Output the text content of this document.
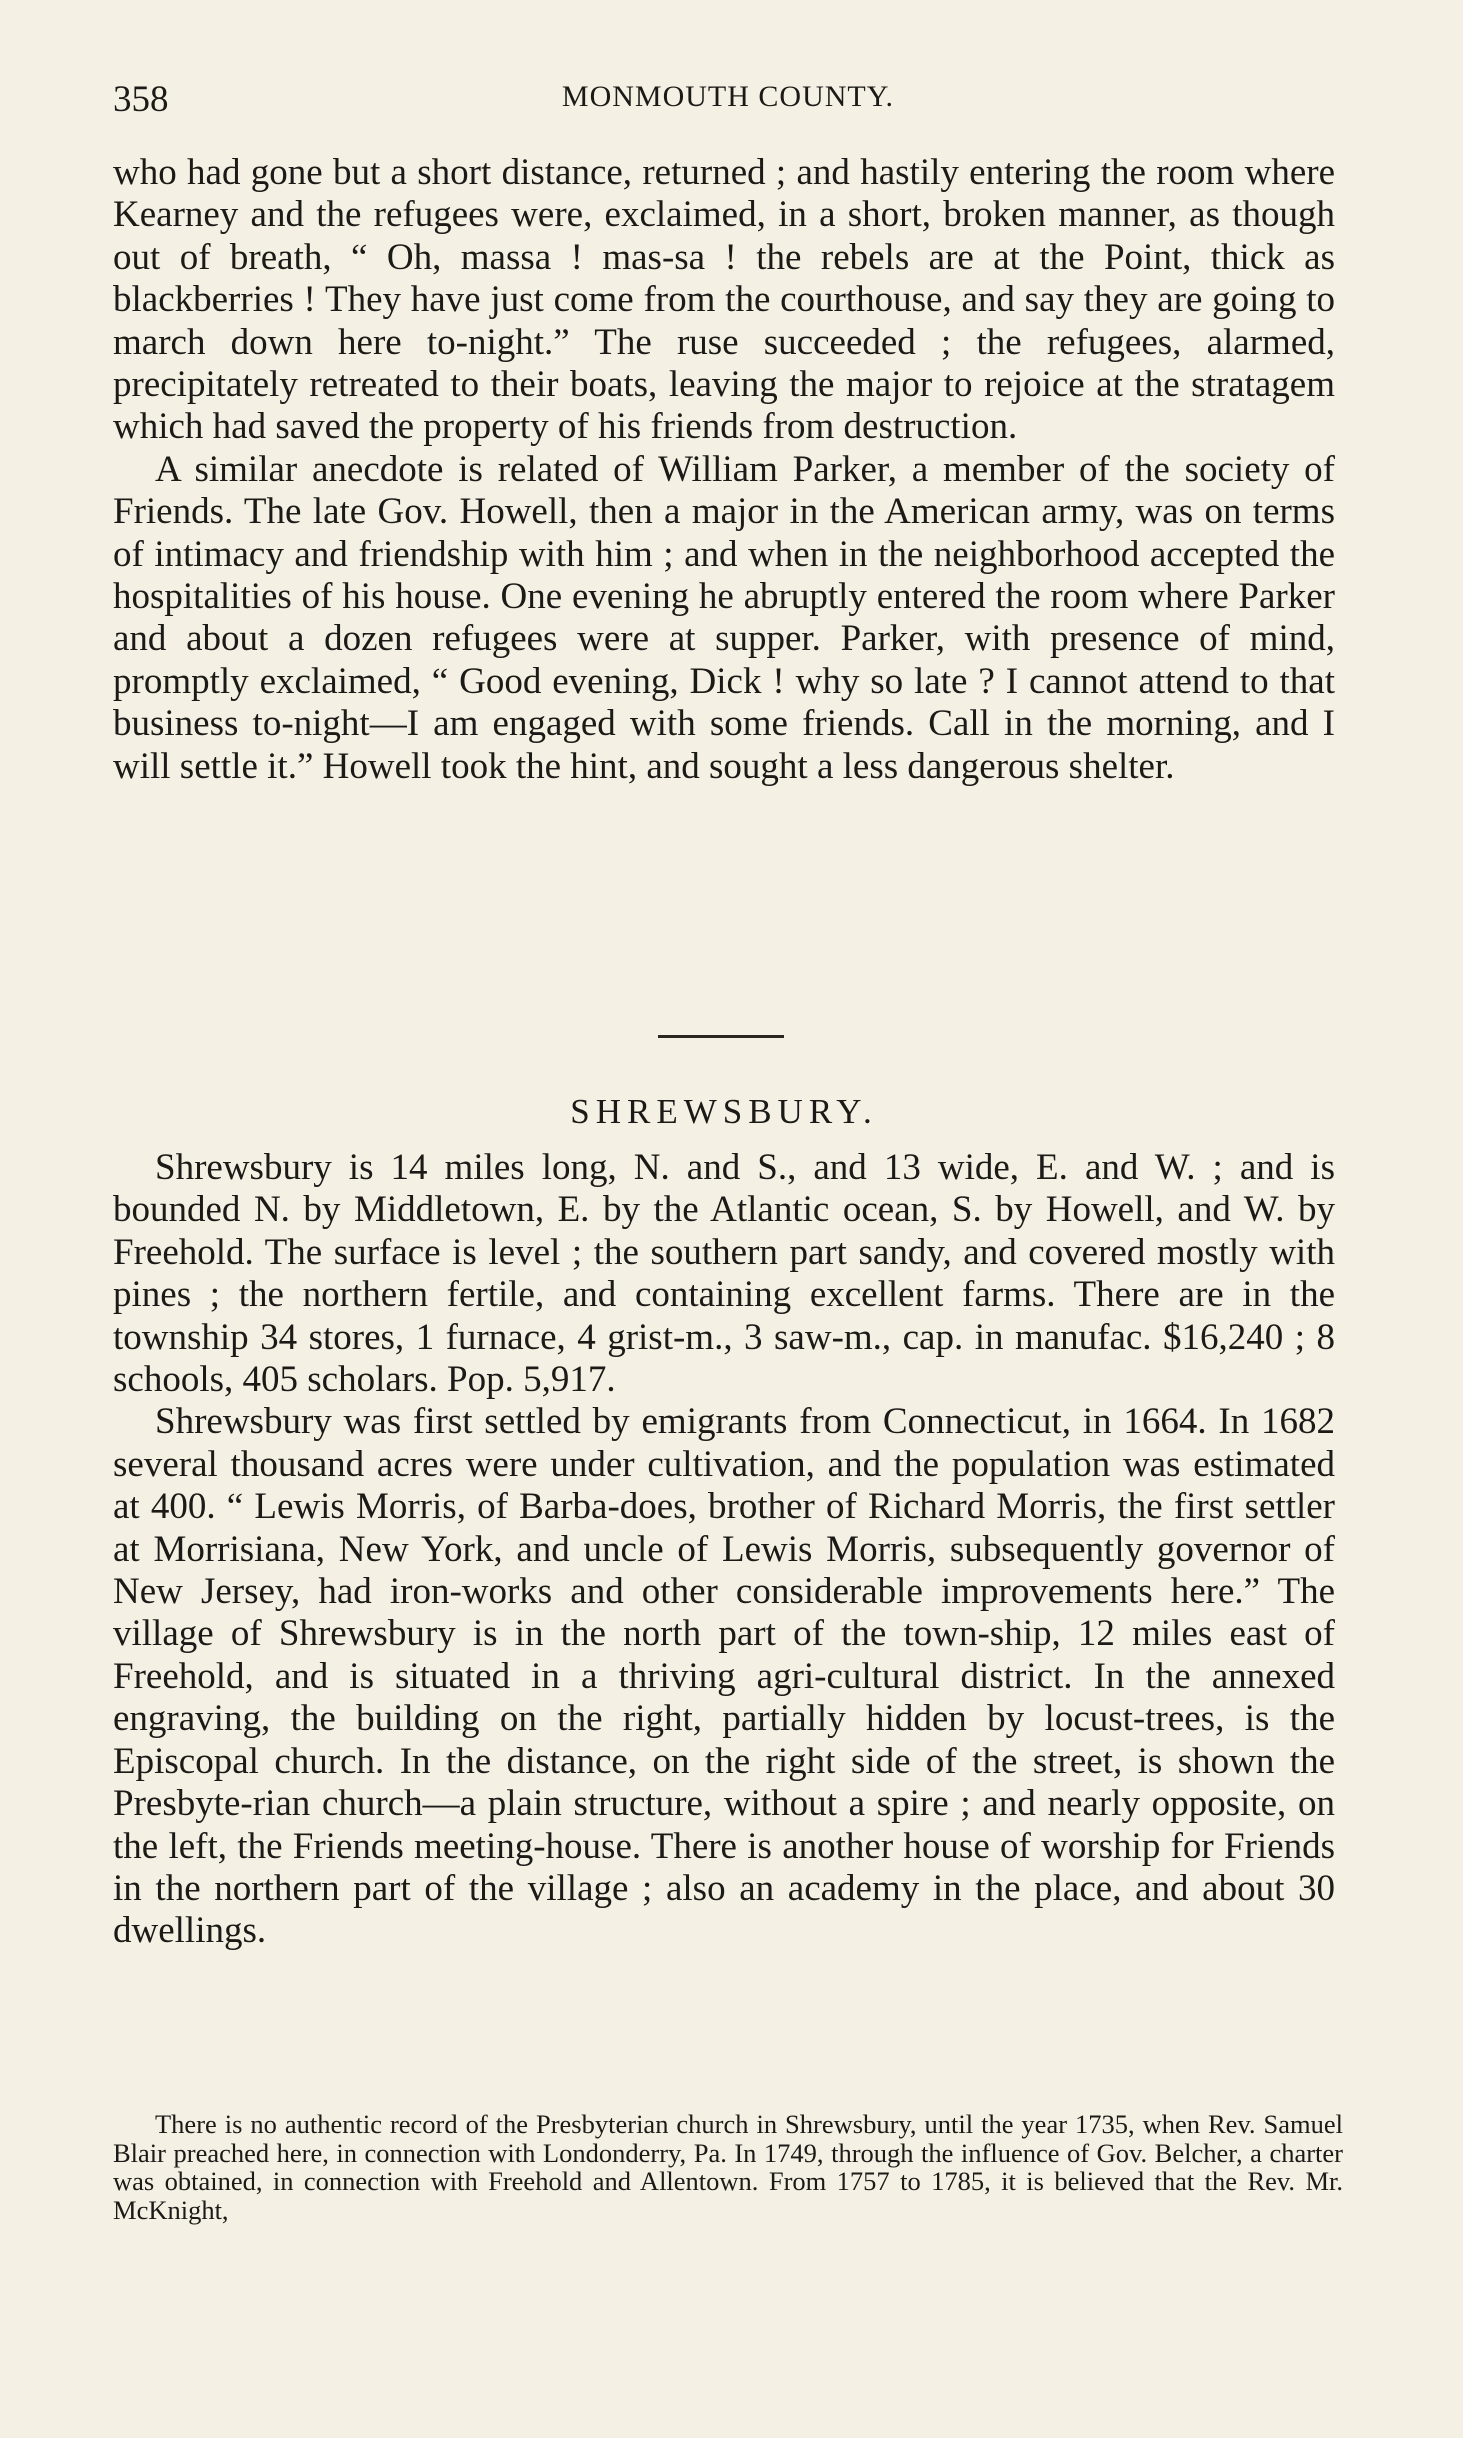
358	MONMOUTH COUNTY.

who had gone but a short distance, returned ; and hastily entering the room where Kearney and the refugees were, exclaimed, in a short, broken manner, as though out of breath, “ Oh, massa ! mas-sa ! the rebels are at the Point, thick as blackberries ! They have just come from the courthouse, and say they are going to march down here to-night.” The ruse succeeded ; the refugees, alarmed, precipitately retreated to their boats, leaving the major to rejoice at the stratagem which had saved the property of his friends from destruction.

A similar anecdote is related of William Parker, a member of the society of Friends. The late Gov. Howell, then a major in the American army, was on terms of intimacy and friendship with him ; and when in the neighborhood accepted the hospitalities of his house. One evening he abruptly entered the room where Parker and about a dozen refugees were at supper. Parker, with presence of mind, promptly exclaimed, “ Good evening, Dick ! why so late ? I cannot attend to that business to-night—I am engaged with some friends. Call in the morning, and I will settle it.” Howell took the hint, and sought a less dangerous shelter.

SHREWSBURY.

Shrewsbury is 14 miles long, N. and S., and 13 wide, E. and W. ; and is bounded N. by Middletown, E. by the Atlantic ocean, S. by Howell, and W. by Freehold. The surface is level ; the southern part sandy, and covered mostly with pines ; the northern fertile, and containing excellent farms. There are in the township 34 stores, 1 furnace, 4 grist-m., 3 saw-m., cap. in manufac. $16,240 ; 8 schools, 405 scholars. Pop. 5,917.

Shrewsbury was first settled by emigrants from Connecticut, in 1664. In 1682 several thousand acres were under cultivation, and the population was estimated at 400. “ Lewis Morris, of Barba-does, brother of Richard Morris, the first settler at Morrisiana, New York, and uncle of Lewis Morris, subsequently governor of New Jersey, had iron-works and other considerable improvements here.” The village of Shrewsbury is in the north part of the town-ship, 12 miles east of Freehold, and is situated in a thriving agri-cultural district. In the annexed engraving, the building on the right, partially hidden by locust-trees, is the Episcopal church. In the distance, on the right side of the street, is shown the Presbyte-rian church—a plain structure, without a spire ; and nearly opposite, on the left, the Friends meeting-house. There is another house of worship for Friends in the northern part of the village ; also an academy in the place, and about 30 dwellings.

There is no authentic record of the Presbyterian church in Shrewsbury, until the year 1735, when Rev. Samuel Blair preached here, in connection with Londonderry, Pa. In 1749, through the influence of Gov. Belcher, a charter was obtained, in connection with Freehold and Allentown. From 1757 to 1785, it is believed that the Rev. Mr. McKnight,
